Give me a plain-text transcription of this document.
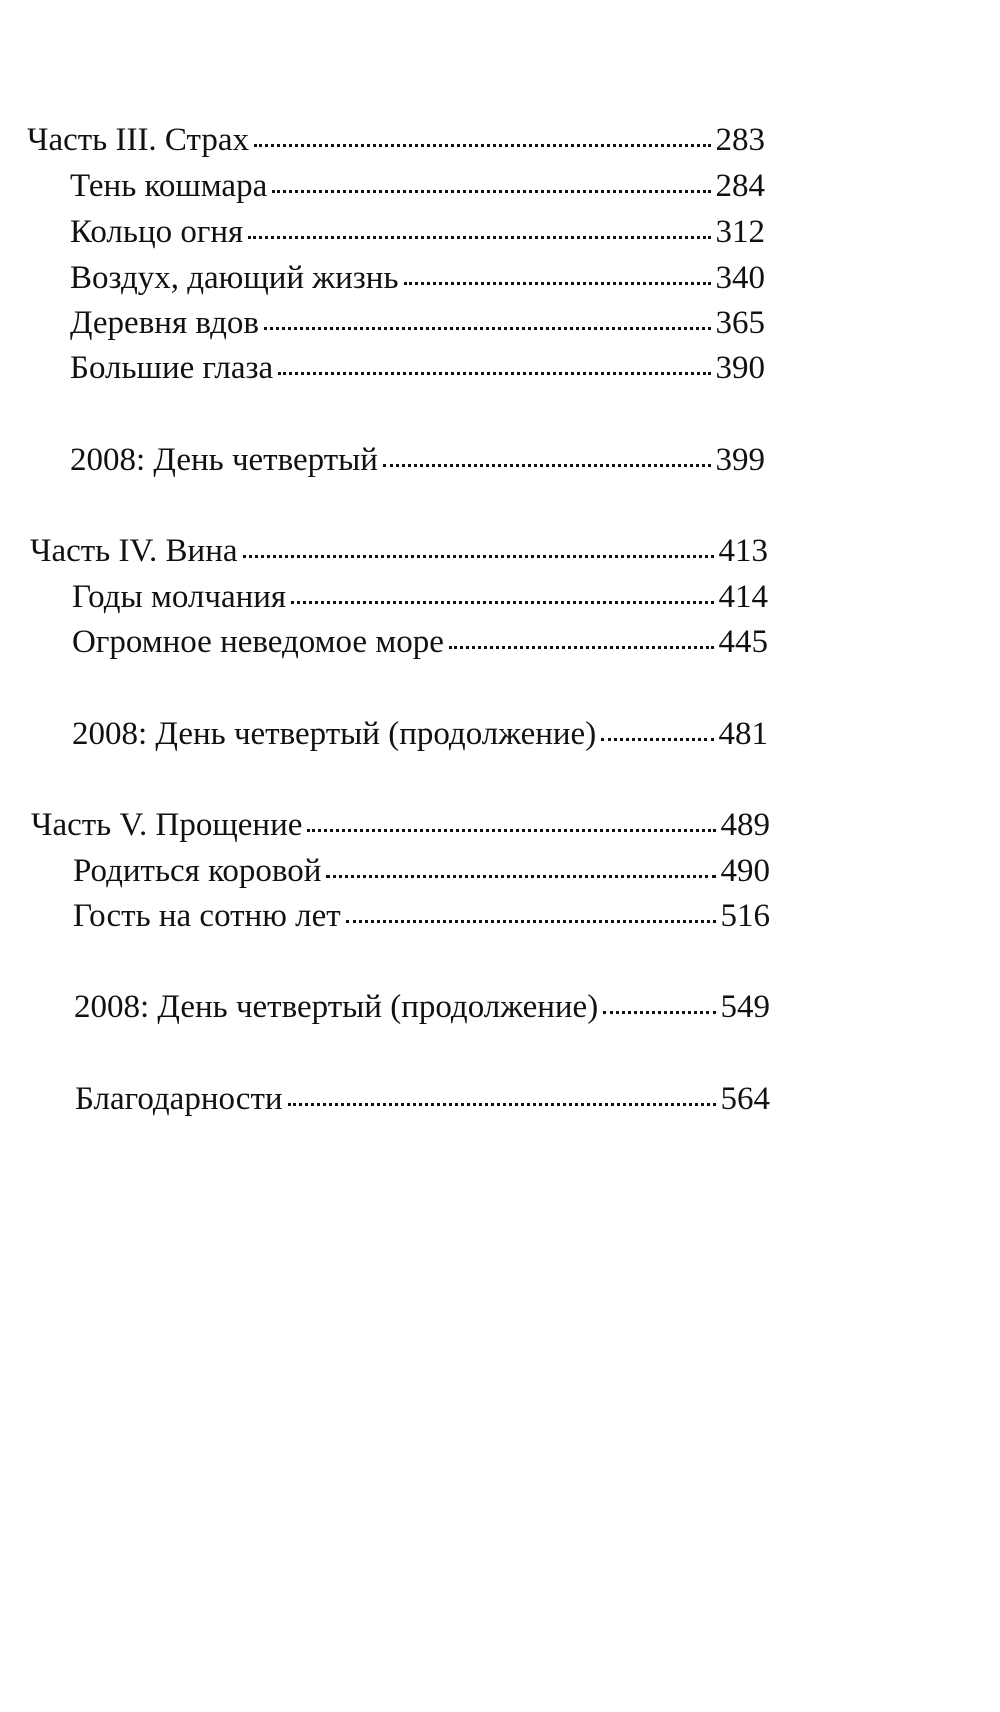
Часть III. Страх	283
Тень кошмара	284
Кольцо огня	312
Воздух, дающий жизнь	340
Деревня вдов	365
Большие глаза	390
2008: День четвертый	399
Часть IV. Вина	413
Годы молчания	414
Огромное неведомое море	445
2008: День четвертый (продолжение)	481
Часть V. Прощение	489
Родиться коровой	490
Гость на сотню лет	516
2008: День четвертый (продолжение)	549
Благодарности	564
